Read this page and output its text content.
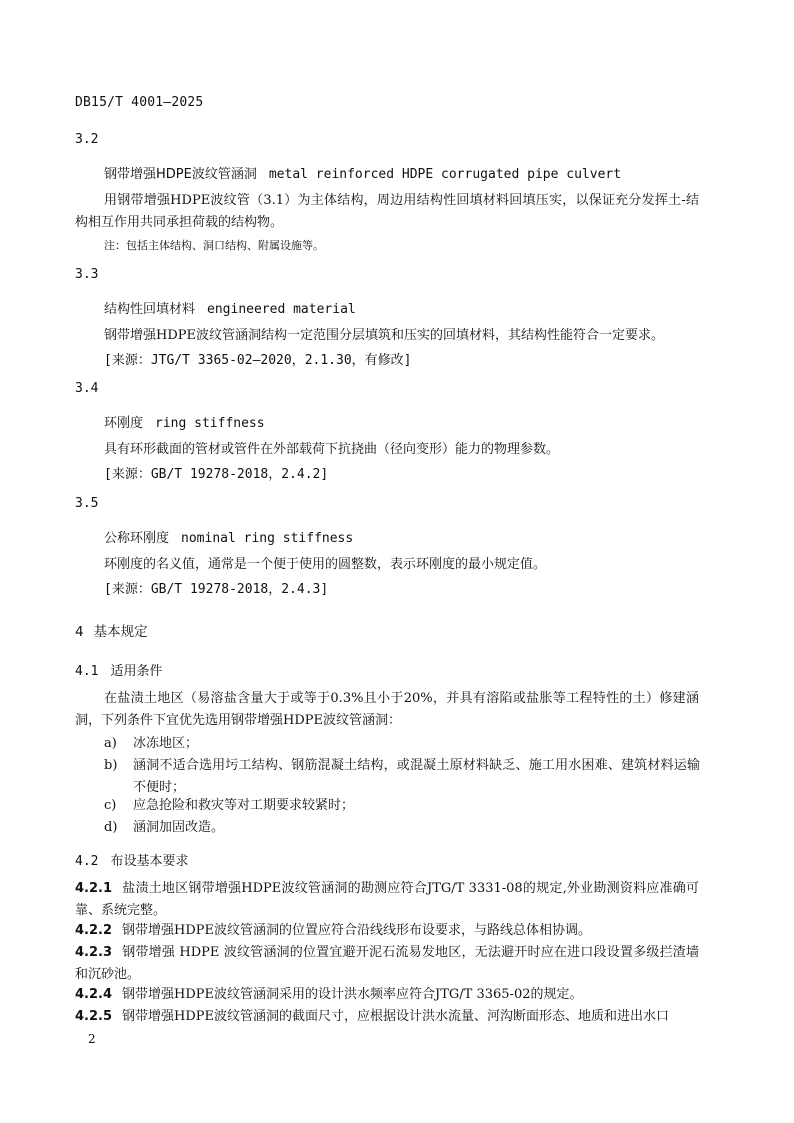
DB15/T 4001—2025
3.2
钢带增强HDPE波纹管涵洞 metal reinforced HDPE corrugated pipe culvert
用钢带增强HDPE波纹管（3.1）为主体结构，周边用结构性回填材料回填压实，以保证充分发挥土-结构相互作用共同承担荷载的结构物。
注：包括主体结构、洞口结构、附属设施等。
3.3
结构性回填材料 engineered material
钢带增强HDPE波纹管涵洞结构一定范围分层填筑和压实的回填材料，其结构性能符合一定要求。
[来源：JTG/T 3365-02—2020，2.1.30，有修改]
3.4
环刚度 ring stiffness
具有环形截面的管材或管件在外部载荷下抗挠曲（径向变形）能力的物理参数。
[来源：GB/T 19278-2018，2.4.2]
3.5
公称环刚度 nominal ring stiffness
环刚度的名义值，通常是一个便于使用的圆整数，表示环刚度的最小规定值。
[来源：GB/T 19278-2018，2.4.3]
4 基本规定
4.1 适用条件
在盐渍土地区（易溶盐含量大于或等于0.3%且小于20%，并具有溶陷或盐胀等工程特性的土）修建涵洞，下列条件下宜优先选用钢带增强HDPE波纹管涵洞：
a)	冰冻地区；
b)	涵洞不适合选用圬工结构、钢筋混凝土结构，或混凝土原材料缺乏、施工用水困难、建筑材料运输不便时；
c)	应急抢险和救灾等对工期要求较紧时；
d)	涵洞加固改造。
4.2 布设基本要求
4.2.1 盐渍土地区钢带增强HDPE波纹管涵洞的勘测应符合JTG/T 3331-08的规定,外业勘测资料应准确可靠、系统完整。
4.2.2 钢带增强HDPE波纹管涵洞的位置应符合沿线线形布设要求，与路线总体相协调。
4.2.3 钢带增强 HDPE 波纹管涵洞的位置宜避开泥石流易发地区，无法避开时应在进口段设置多级拦渣墙和沉砂池。
4.2.4 钢带增强HDPE波纹管涵洞采用的设计洪水频率应符合JTG/T 3365-02的规定。
4.2.5 钢带增强HDPE波纹管涵洞的截面尺寸，应根据设计洪水流量、河沟断面形态、地质和进出水口
2
